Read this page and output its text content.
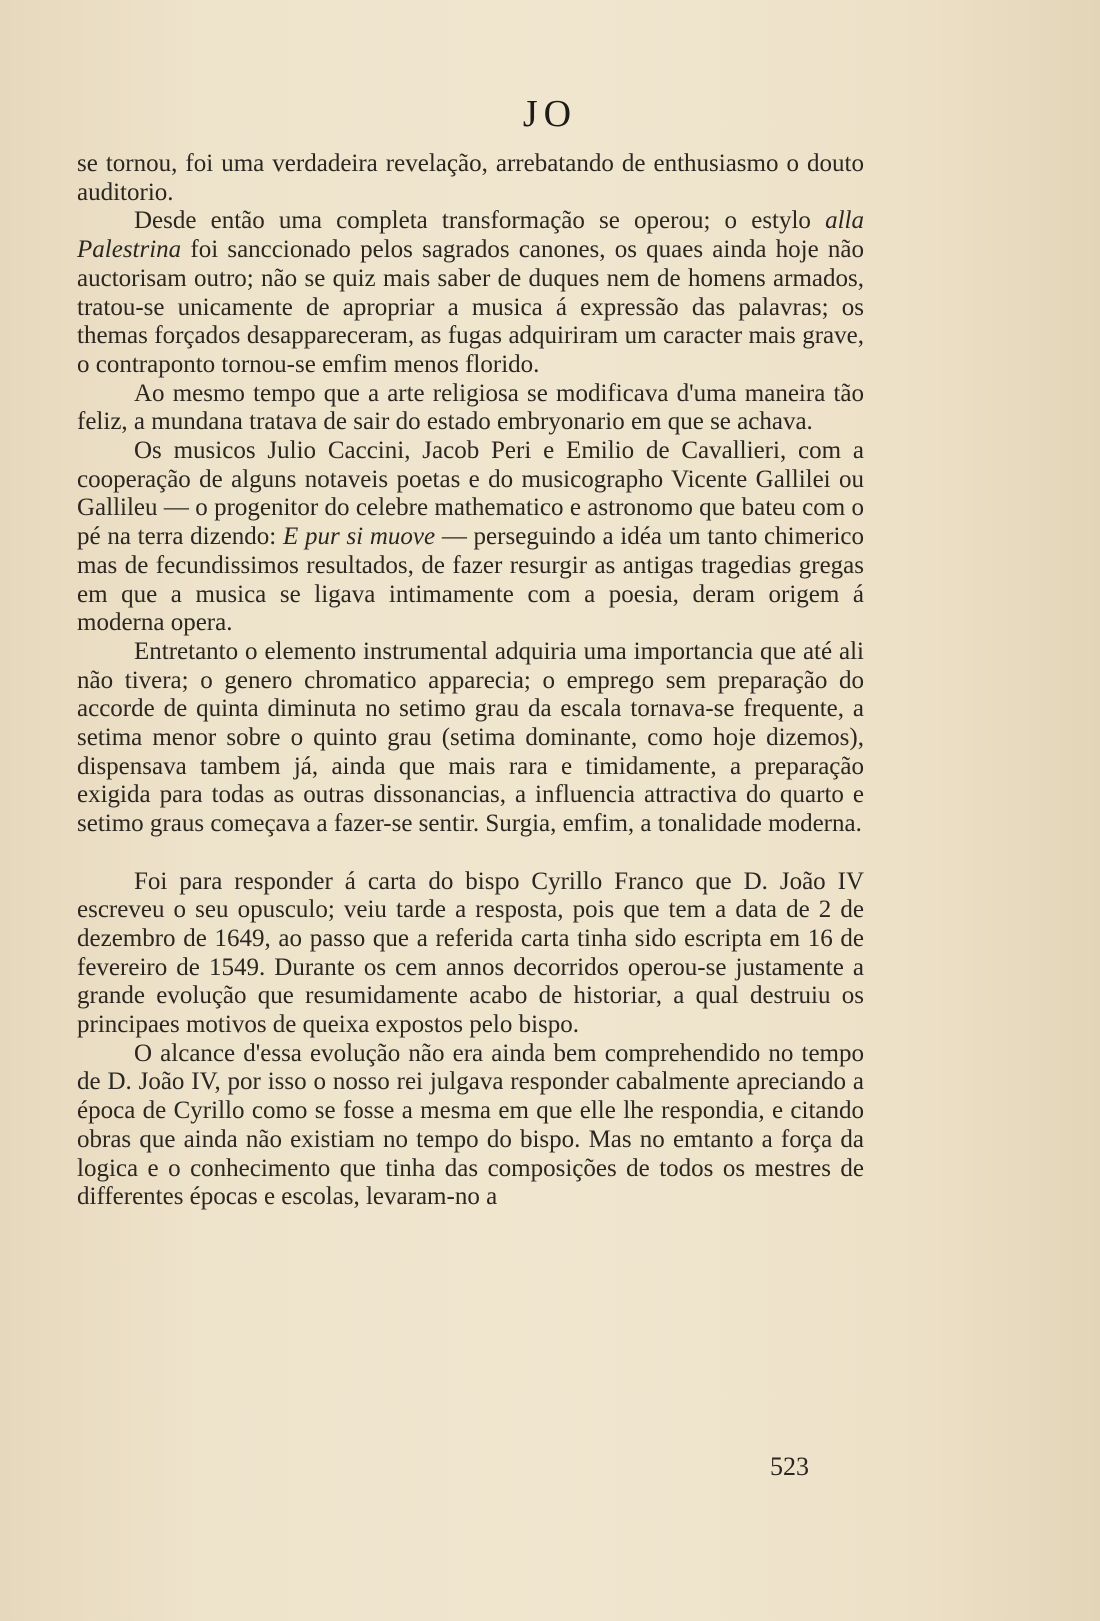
JO

se tornou, foi uma verdadeira revelação, arrebatando de enthusiasmo o douto auditorio.

Desde então uma completa transformação se operou; o estylo alla Palestrina foi sanccionado pelos sagrados canones, os quaes ainda hoje não auctorisam outro; não se quiz mais saber de duques nem de homens armados, tratou-se unicamente de apropriar a musica á expressão das palavras; os themas forçados desappareceram, as fugas adquiriram um caracter mais grave, o contraponto tornou-se emfim menos florido.

Ao mesmo tempo que a arte religiosa se modificava d'uma maneira tão feliz, a mundana tratava de sair do estado embryonario em que se achava.

Os musicos Julio Caccini, Jacob Peri e Emilio de Cavallieri, com a cooperação de alguns notaveis poetas e do musicographo Vicente Gallilei ou Gallileu — o progenitor do celebre mathematico e astronomo que bateu com o pé na terra dizendo: E pur si muove — perseguindo a idéa um tanto chimerico mas de fecundissimos resultados, de fazer resurgir as antigas tragedias gregas em que a musica se ligava intimamente com a poesia, deram origem á moderna opera.

Entretanto o elemento instrumental adquiria uma importancia que até ali não tivera; o genero chromatico apparecia; o emprego sem preparação do accorde de quinta diminuta no setimo grau da escala tornava-se frequente, a setima menor sobre o quinto grau (setima dominante, como hoje dizemos), dispensava tambem já, ainda que mais rara e timidamente, a preparação exigida para todas as outras dissonancias, a influencia attractiva do quarto e setimo graus começava a fazer-se sentir. Surgia, emfim, a tonalidade moderna.

Foi para responder á carta do bispo Cyrillo Franco que D. João IV escreveu o seu opusculo; veiu tarde a resposta, pois que tem a data de 2 de dezembro de 1649, ao passo que a referida carta tinha sido escripta em 16 de fevereiro de 1549. Durante os cem annos decorridos operou-se justamente a grande evolução que resumidamente acabo de historiar, a qual destruiu os principaes motivos de queixa expostos pelo bispo.

O alcance d'essa evolução não era ainda bem comprehendido no tempo de D. João IV, por isso o nosso rei julgava responder cabalmente apreciando a época de Cyrillo como se fosse a mesma em que elle lhe respondia, e citando obras que ainda não existiam no tempo do bispo. Mas no emtanto a força da logica e o conhecimento que tinha das composições de todos os mestres de differentes épocas e escolas, levaram-no a

523
